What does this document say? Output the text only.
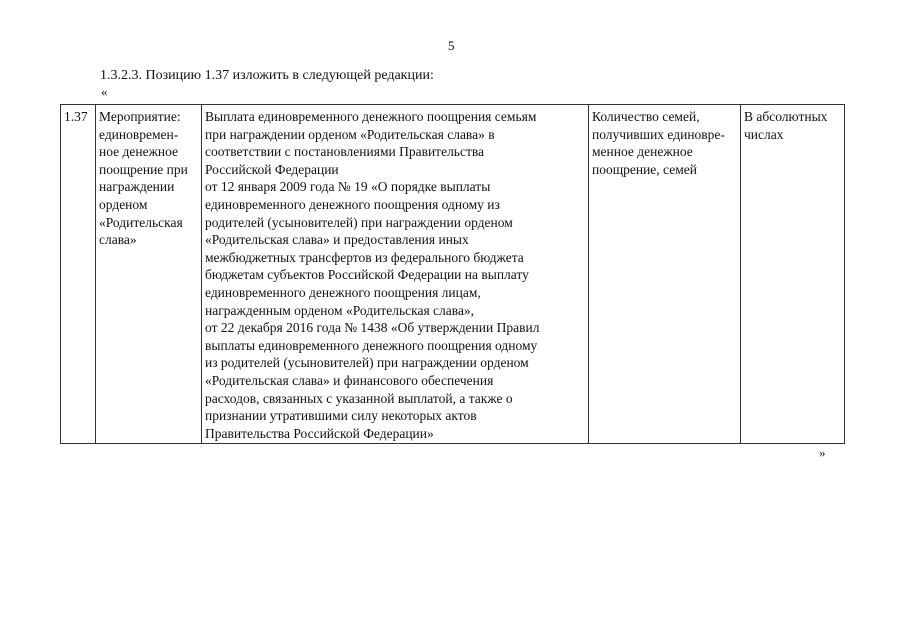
5
1.3.2.3. Позицию 1.37 изложить в следующей редакции:
«
1.37	Мероприятие:
единовремен-
ное денежное
поощрение при
награждении
орденом
«Родительская
слава»	Выплата единовременного денежного поощрения семьям
при награждении орденом «Родительская слава» в
соответствии с постановлениями Правительства
Российской Федерации
от 12 января 2009 года № 19 «О порядке выплаты
единовременного денежного поощрения одному из
родителей (усыновителей) при награждении орденом
«Родительская слава» и предоставления иных
межбюджетных трансфертов из федерального бюджета
бюджетам субъектов Российской Федерации на выплату
единовременного денежного поощрения лицам,
награжденным орденом «Родительская слава»,
от 22 декабря 2016 года № 1438 «Об утверждении Правил
выплаты единовременного денежного поощрения одному
из родителей (усыновителей) при награждении орденом
«Родительская слава» и финансового обеспечения
расходов, связанных с указанной выплатой, а также о
признании утратившими силу некоторых актов
Правительства Российской Федерации»	Количество семей,
получивших единовре-
менное денежное
поощрение, семей	В абсолютных
числах
»
